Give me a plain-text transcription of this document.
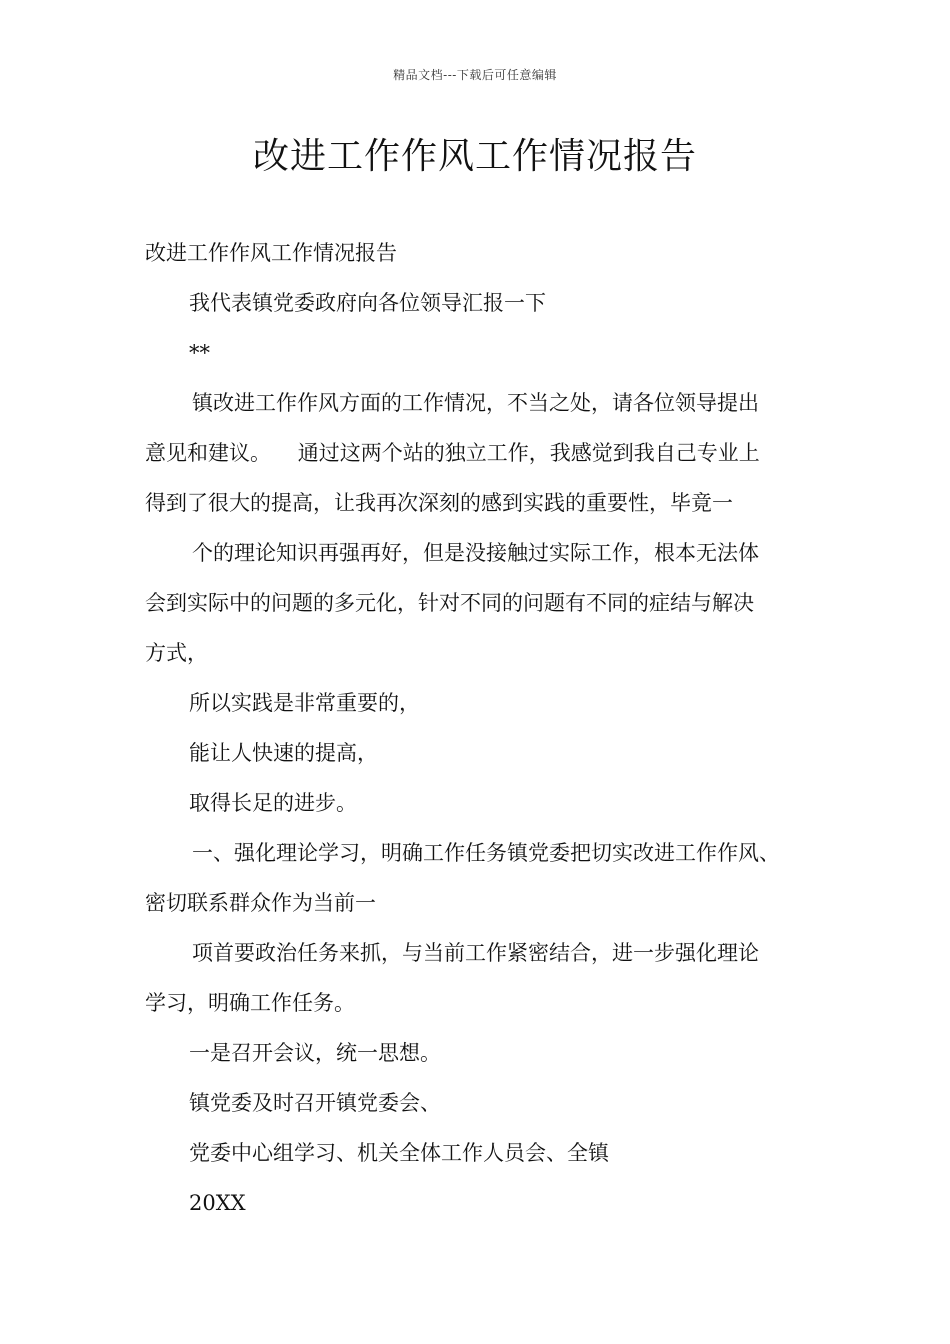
精品文档---下载后可任意编辑
改进工作作风工作情况报告

改进工作作风工作情况报告

我代表镇党委政府向各位领导汇报一下

**

镇改进工作作风方面的工作情况，不当之处，请各位领导提出

意见和建议。    通过这两个站的独立工作，我感觉到我自己专业上

得到了很大的提高，让我再次深刻的感到实践的重要性，毕竟一

个的理论知识再强再好，但是没接触过实际工作，根本无法体

会到实际中的问题的多元化，针对不同的问题有不同的症结与解决

方式，

所以实践是非常重要的，

能让人快速的提高，

取得长足的进步。

一、强化理论学习，明确工作任务镇党委把切实改进工作作风、

密切联系群众作为当前一

项首要政治任务来抓，与当前工作紧密结合，进一步强化理论

学习，明确工作任务。

一是召开会议，统一思想。

镇党委及时召开镇党委会、

党委中心组学习、机关全体工作人员会、全镇

20XX
